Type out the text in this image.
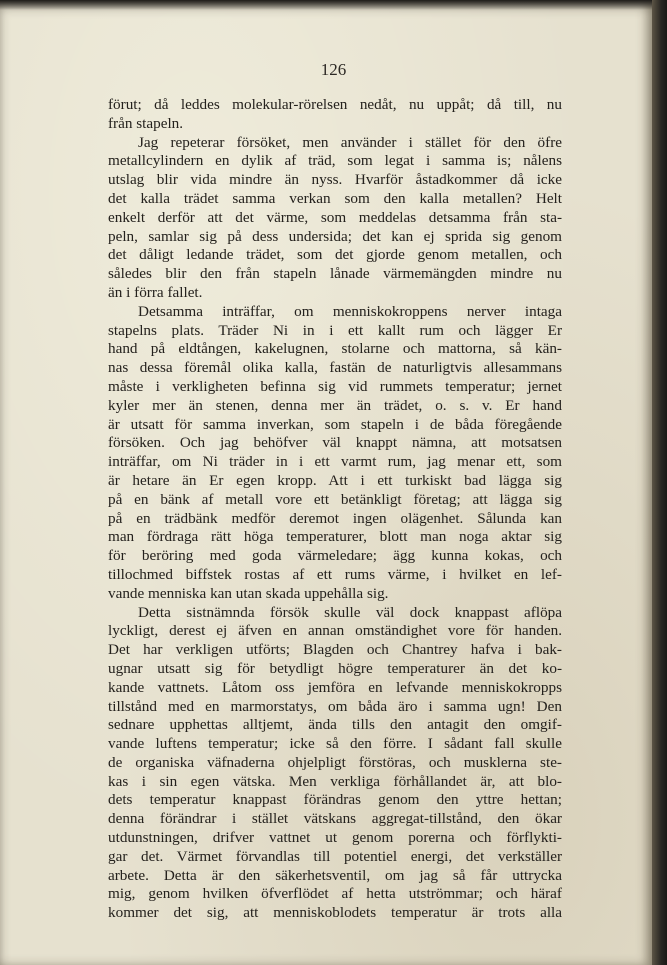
126
förut; då leddes molekular-rörelsen nedåt, nu uppåt; då till, nu
från stapeln.
Jag repeterar försöket, men använder i stället för den öfre
metallcylindern en dylik af träd, som legat i samma is; nålens
utslag blir vida mindre än nyss. Hvarför åstadkommer då icke
det kalla trädet samma verkan som den kalla metallen? Helt
enkelt derför att det värme, som meddelas detsamma från sta-
peln, samlar sig på dess undersida; det kan ej sprida sig genom
det dåligt ledande trädet, som det gjorde genom metallen, och
således blir den från stapeln lånade värmemängden mindre nu
än i förra fallet.
Detsamma inträffar, om menniskokroppens nerver intaga
stapelns plats. Träder Ni in i ett kallt rum och lägger Er
hand på eldtången, kakelugnen, stolarne och mattorna, så kän-
nas dessa föremål olika kalla, fastän de naturligtvis allesammans
måste i verkligheten befinna sig vid rummets temperatur; jernet
kyler mer än stenen, denna mer än trädet, o. s. v. Er hand
är utsatt för samma inverkan, som stapeln i de båda föregående
försöken. Och jag behöfver väl knappt nämna, att motsatsen
inträffar, om Ni träder in i ett varmt rum, jag menar ett, som
är hetare än Er egen kropp. Att i ett turkiskt bad lägga sig
på en bänk af metall vore ett betänkligt företag; att lägga sig
på en trädbänk medför deremot ingen olägenhet. Sålunda kan
man fördraga rätt höga temperaturer, blott man noga aktar sig
för beröring med goda värmeledare; ägg kunna kokas, och
tillochmed biffstek rostas af ett rums värme, i hvilket en lef-
vande menniska kan utan skada uppehålla sig.
Detta sistnämnda försök skulle väl dock knappast aflöpa
lyckligt, derest ej äfven en annan omständighet vore för handen.
Det har verkligen utförts; Blagden och Chantrey hafva i bak-
ugnar utsatt sig för betydligt högre temperaturer än det ko-
kande vattnets. Låtom oss jemföra en lefvande menniskokropps
tillstånd med en marmorstatys, om båda äro i samma ugn! Den
sednare upphettas alltjemt, ända tills den antagit den omgif-
vande luftens temperatur; icke så den förre. I sådant fall skulle
de organiska väfnaderna ohjelpligt förstöras, och musklerna ste-
kas i sin egen vätska. Men verkliga förhållandet är, att blo-
dets temperatur knappast förändras genom den yttre hettan;
denna förändrar i stället vätskans aggregat-tillstånd, den ökar
utdunstningen, drifver vattnet ut genom porerna och förflykti-
gar det. Värmet förvandlas till potentiel energi, det verkställer
arbete. Detta är den säkerhetsventil, om jag så får uttrycka
mig, genom hvilken öfverflödet af hetta utströmmar; och häraf
kommer det sig, att menniskoblodets temperatur är trots alla
